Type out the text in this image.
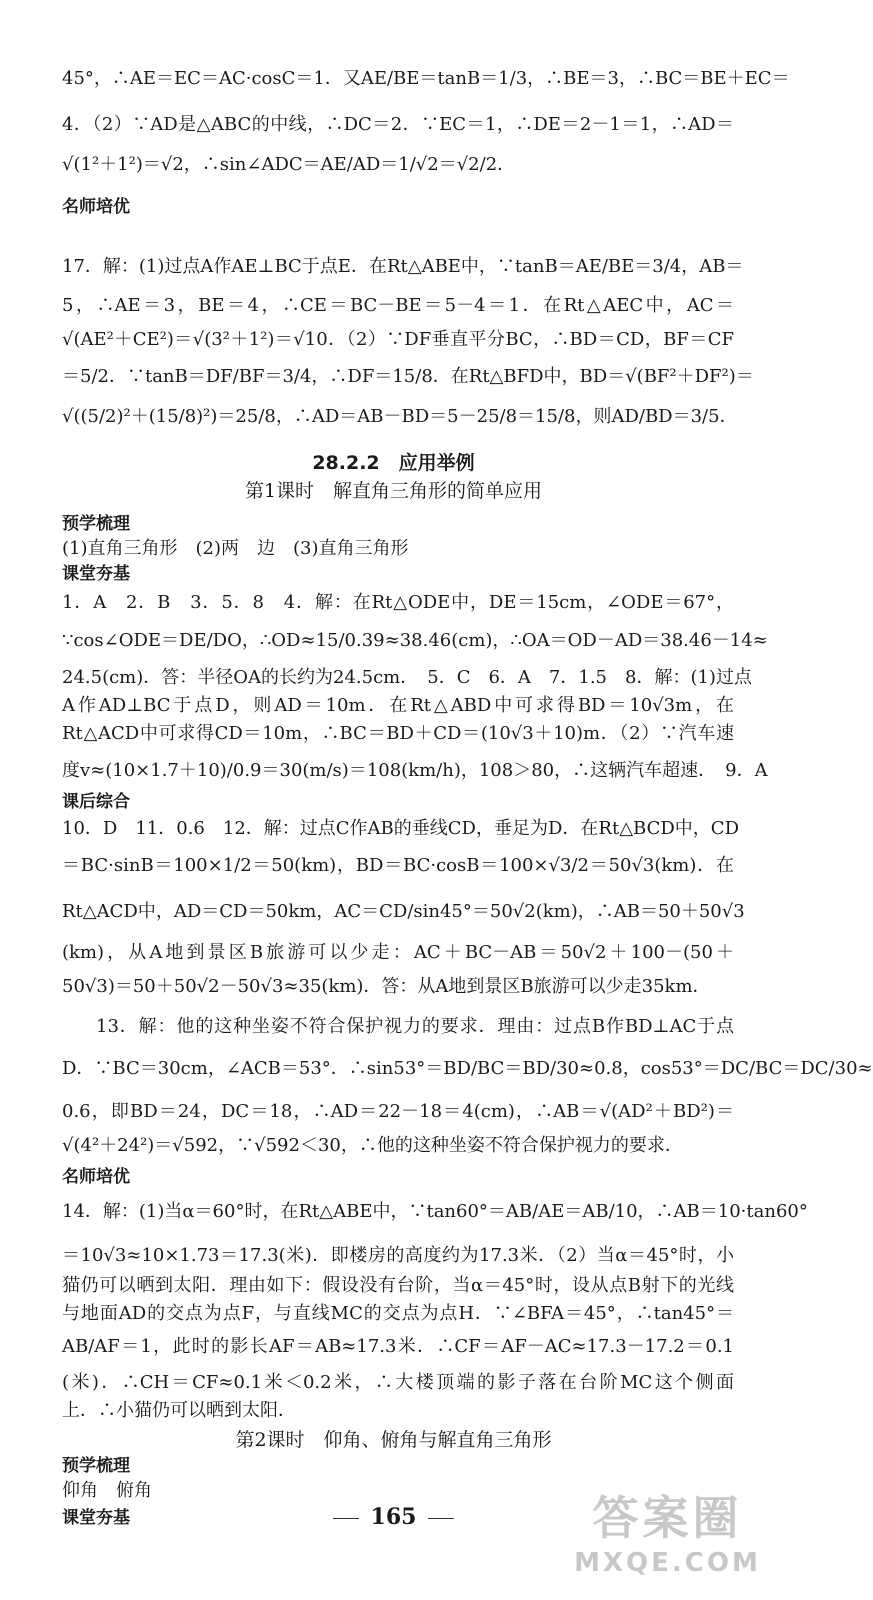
45°，∴AE＝EC＝AC·cosC＝1．又AE/BE＝tanB＝1/3，∴BE＝3，∴BC＝BE＋EC＝
4．（2）∵AD是△ABC的中线，∴DC＝2．∵EC＝1，∴DE＝2－1＝1，∴AD＝
√(1²＋1²)＝√2，∴sin∠ADC＝AE/AD＝1/√2＝√2/2．
名师培优
17．解：(1)过点A作AE⊥BC于点E．在Rt△ABE中，∵tanB＝AE/BE＝3/4，AB＝
5，∴AE＝3，BE＝4，∴CE＝BC－BE＝5－4＝1．在Rt△AEC中，AC＝
√(AE²＋CE²)＝√(3²＋1²)＝√10．（2）∵DF垂直平分BC，∴BD＝CD，BF＝CF
＝5/2．∵tanB＝DF/BF＝3/4，∴DF＝15/8．在Rt△BFD中，BD＝√(BF²＋DF²)＝
√((5/2)²＋(15/8)²)＝25/8，∴AD＝AB－BD＝5－25/8＝15/8，则AD/BD＝3/5．
28.2.2　应用举例
第1课时　解直角三角形的简单应用
预学梳理
(1)直角三角形　(2)两　边　(3)直角三角形
课堂夯基
1．A　2．B　3．5．8　4．解：在Rt△ODE中，DE＝15cm，∠ODE＝67°，
∵cos∠ODE＝DE/DO，∴OD≈15/0.39≈38.46(cm)，∴OA＝OD－AD＝38.46－14≈
24.5(cm)．答：半径OA的长约为24.5cm．　5．C　6．A　7．1.5　8．解：(1)过点
A作AD⊥BC于点D，则AD＝10m．在Rt△ABD中可求得BD＝10√3m，在
Rt△ACD中可求得CD＝10m，∴BC＝BD＋CD＝(10√3＋10)m．（2）∵汽车速
度v≈(10×1.7＋10)/0.9＝30(m/s)＝108(km/h)，108＞80，∴这辆汽车超速．　9．A
课后综合
10．D　11．0.6　12．解：过点C作AB的垂线CD，垂足为D．在Rt△BCD中，CD
＝BC·sinB＝100×1/2＝50(km)，BD＝BC·cosB＝100×√3/2＝50√3(km)．在
Rt△ACD中，AD＝CD＝50km，AC＝CD/sin45°＝50√2(km)，∴AB＝50＋50√3
(km)，从A地到景区B旅游可以少走：AC＋BC－AB＝50√2＋100－(50＋
50√3)＝50＋50√2－50√3≈35(km)．答：从A地到景区B旅游可以少走35km．
13．解：他的这种坐姿不符合保护视力的要求．理由：过点B作BD⊥AC于点
D．∵BC＝30cm，∠ACB＝53°．∴sin53°＝BD/BC＝BD/30≈0.8，cos53°＝DC/BC＝DC/30≈
0.6，即BD＝24，DC＝18，∴AD＝22－18＝4(cm)，∴AB＝√(AD²＋BD²)＝
√(4²＋24²)＝√592，∵√592＜30，∴他的这种坐姿不符合保护视力的要求．
名师培优
14．解：(1)当α＝60°时，在Rt△ABE中，∵tan60°＝AB/AE＝AB/10，∴AB＝10·tan60°
＝10√3≈10×1.73＝17.3(米)．即楼房的高度约为17.3米．（2）当α＝45°时，小
猫仍可以晒到太阳．理由如下：假设没有台阶，当α＝45°时，设从点B射下的光线
与地面AD的交点为点F，与直线MC的交点为点H．∵∠BFA＝45°，∴tan45°＝
AB/AF＝1，此时的影长AF＝AB≈17.3米．∴CF＝AF－AC≈17.3－17.2＝0.1
(米)．∴CH＝CF≈0.1米＜0.2米，∴大楼顶端的影子落在台阶MC这个侧面
上．∴小猫仍可以晒到太阳．
第2课时　仰角、俯角与解直角三角形
预学梳理
仰角　俯角
课堂夯基	165	答案圈
MXQE.COM
